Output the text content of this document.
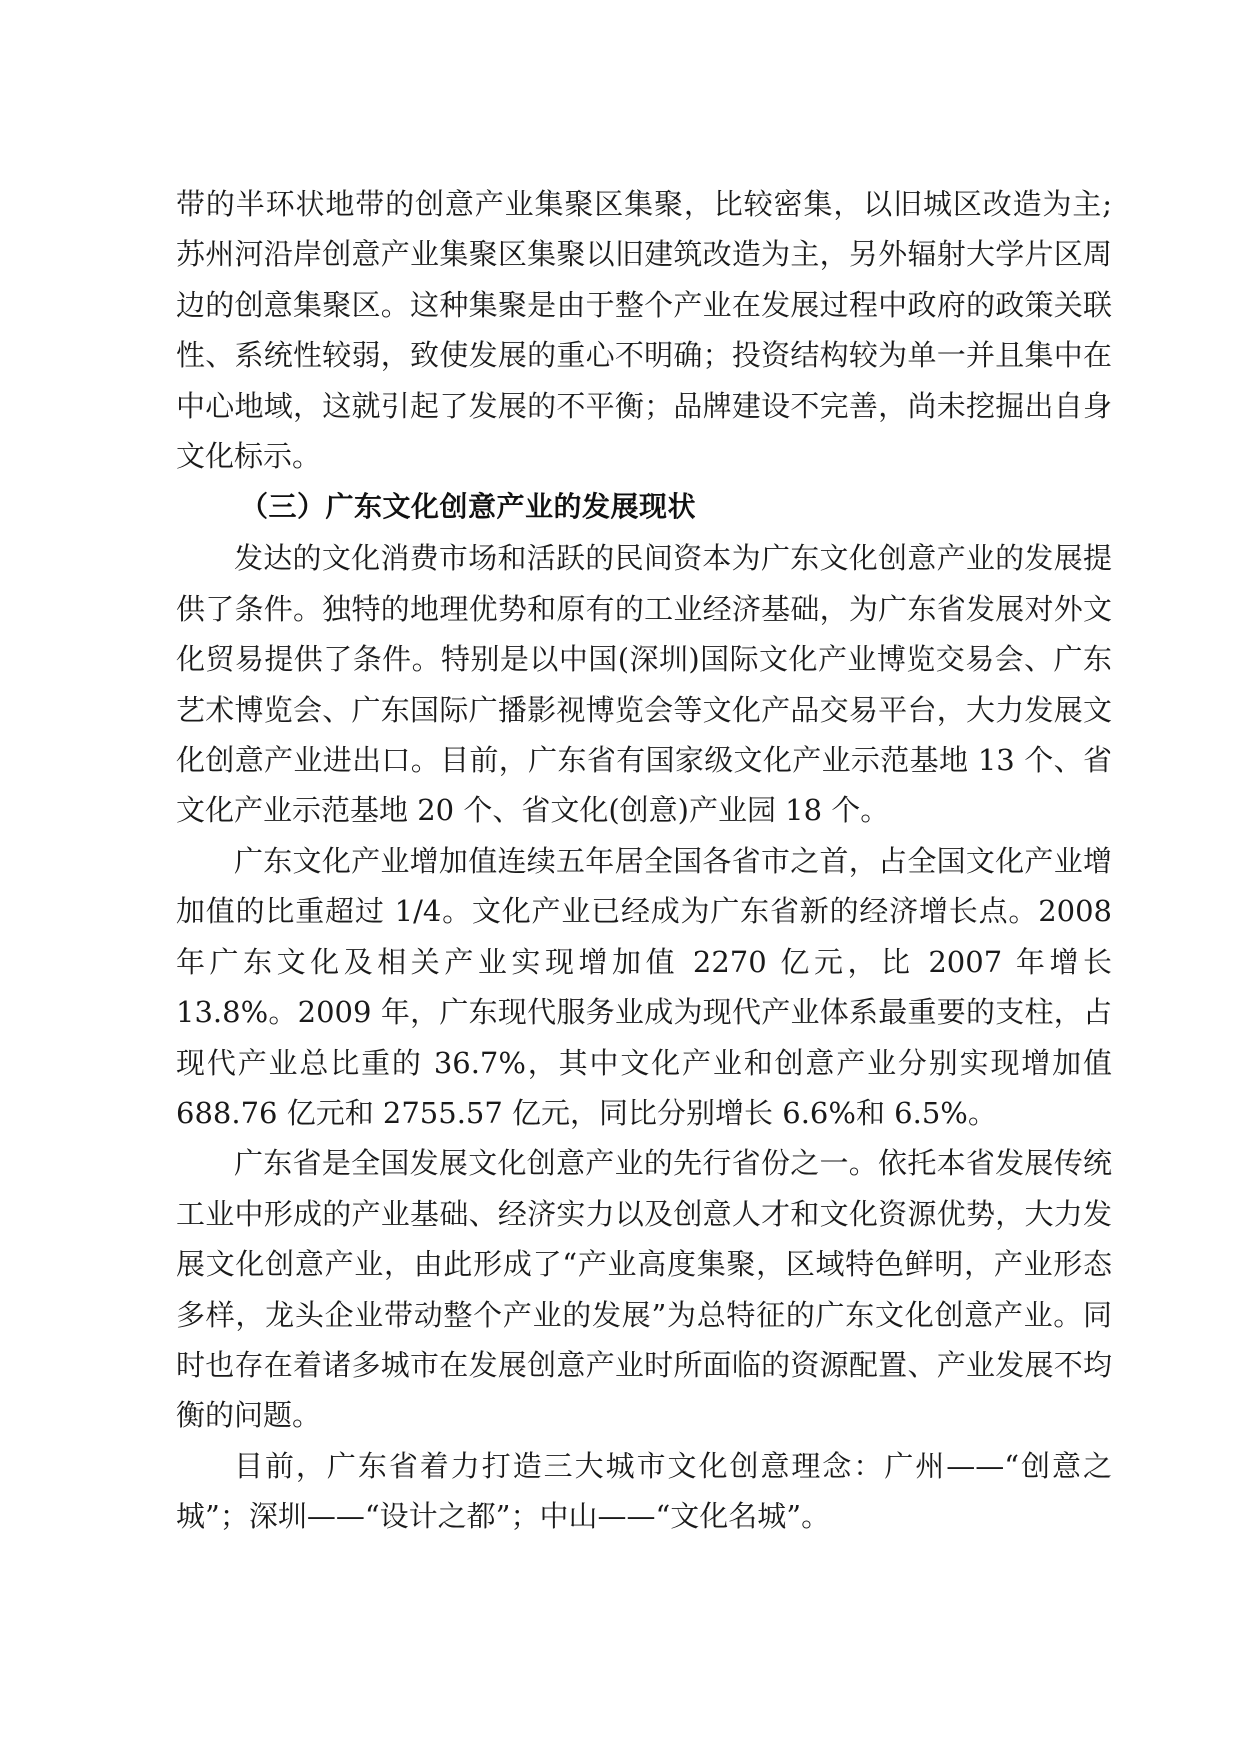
带的半环状地带的创意产业集聚区集聚，比较密集，以旧城区改造为主;苏州河沿岸创意产业集聚区集聚以旧建筑改造为主，另外辐射大学片区周边的创意集聚区。这种集聚是由于整个产业在发展过程中政府的政策关联性、系统性较弱，致使发展的重心不明确；投资结构较为单一并且集中在中心地域，这就引起了发展的不平衡；品牌建设不完善，尚未挖掘出自身文化标示。

（三）广东文化创意产业的发展现状

发达的文化消费市场和活跃的民间资本为广东文化创意产业的发展提供了条件。独特的地理优势和原有的工业经济基础，为广东省发展对外文化贸易提供了条件。特别是以中国(深圳)国际文化产业博览交易会、广东艺术博览会、广东国际广播影视博览会等文化产品交易平台，大力发展文化创意产业进出口。目前，广东省有国家级文化产业示范基地 13 个、省文化产业示范基地 20 个、省文化(创意)产业园 18 个。

广东文化产业增加值连续五年居全国各省市之首，占全国文化产业增加值的比重超过 1/4。文化产业已经成为广东省新的经济增长点。2008 年广东文化及相关产业实现增加值 2270 亿元，比 2007 年增长 13.8%。2009 年，广东现代服务业成为现代产业体系最重要的支柱，占现代产业总比重的 36.7%，其中文化产业和创意产业分别实现增加值 688.76 亿元和 2755.57 亿元，同比分别增长 6.6%和 6.5%。

广东省是全国发展文化创意产业的先行省份之一。依托本省发展传统工业中形成的产业基础、经济实力以及创意人才和文化资源优势，大力发展文化创意产业，由此形成了“产业高度集聚，区域特色鲜明，产业形态多样，龙头企业带动整个产业的发展”为总特征的广东文化创意产业。同时也存在着诸多城市在发展创意产业时所面临的资源配置、产业发展不均衡的问题。

目前，广东省着力打造三大城市文化创意理念：广州——“创意之城”；深圳——“设计之都”；中山——“文化名城”。
